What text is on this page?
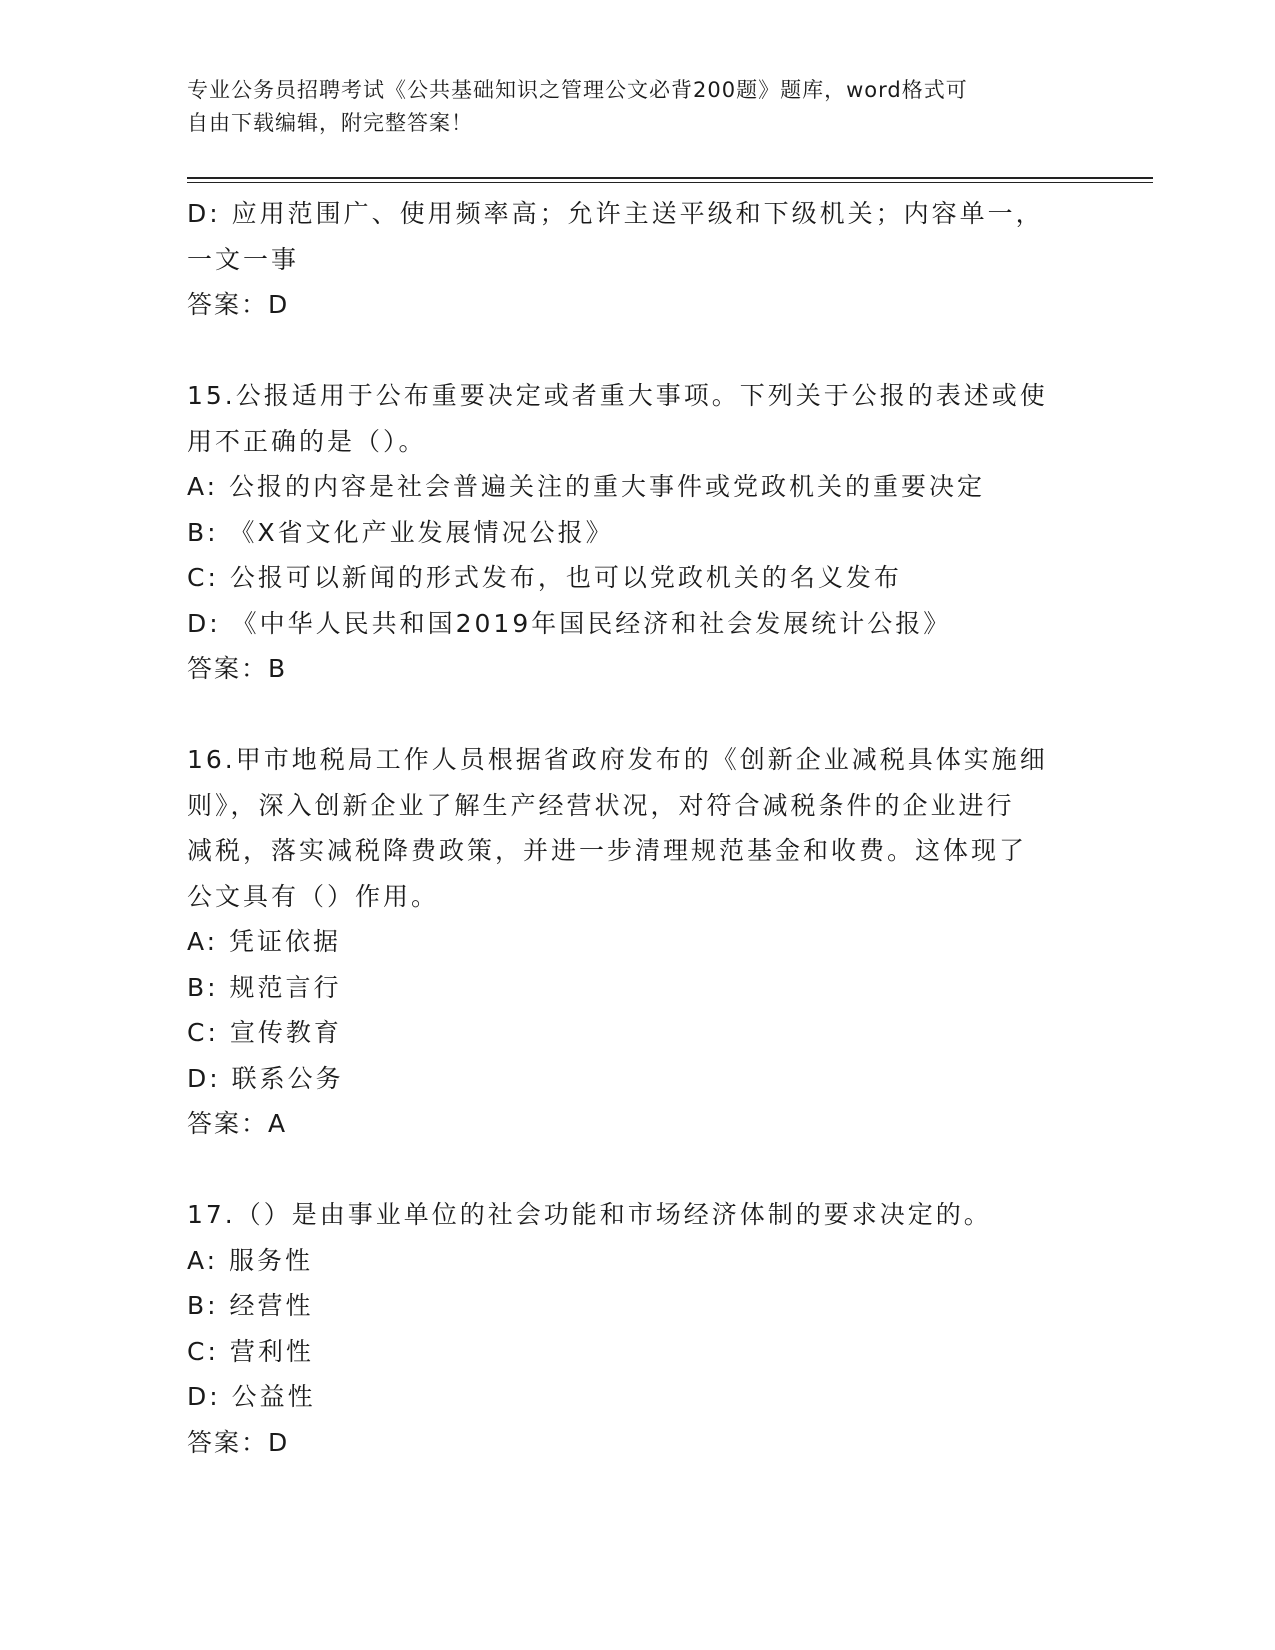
专业公务员招聘考试《公共基础知识之管理公文必背200题》题库，word格式可
自由下载编辑，附完整答案！
D: 应用范围广、使用频率高；允许主送平级和下级机关；内容单一，
一文一事
答案：D
15.公报适用于公布重要决定或者重大事项。下列关于公报的表述或使
用不正确的是（）。
A: 公报的内容是社会普遍关注的重大事件或党政机关的重要决定
B: 《X省文化产业发展情况公报》
C: 公报可以新闻的形式发布，也可以党政机关的名义发布
D: 《中华人民共和国2019年国民经济和社会发展统计公报》
答案：B
16.甲市地税局工作人员根据省政府发布的《创新企业减税具体实施细
则》，深入创新企业了解生产经营状况，对符合减税条件的企业进行
减税，落实减税降费政策，并进一步清理规范基金和收费。这体现了
公文具有（）作用。
A: 凭证依据
B: 规范言行
C: 宣传教育
D: 联系公务
答案：A
17.（）是由事业单位的社会功能和市场经济体制的要求决定的。
A: 服务性
B: 经营性
C: 营利性
D: 公益性
答案：D
